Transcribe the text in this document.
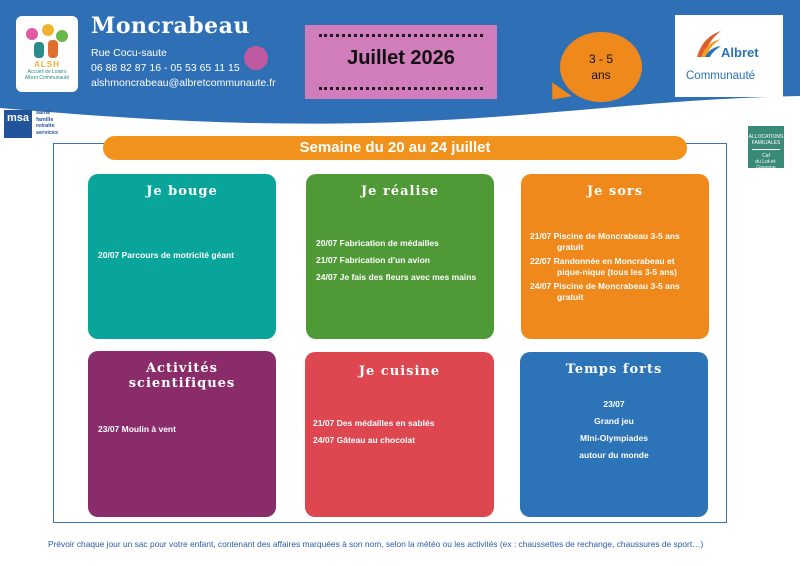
ALSH
Accueil de Loisirs
Albret Communauté
Moncrabeau
Rue Cocu-saute
06 88 82 87 16 - 05 53 65 11 15
alshmoncrabeau@albretcommunaute.fr
Juillet 2026	3 - 5
ans
Albret
Communauté
msa	santé
famille
retraite
services
ALLOCATIONS
FAMILIALES
Caf
du Lot-et-Garonne
Semaine du 20 au 24 juillet
Je bouge
20/07 Parcours de motricité géant
Je réalise
20/07 Fabrication de médailles
21/07 Fabrication d'un avion
24/07 Je fais des fleurs avec mes mains
Je sors
21/07 Piscine de Moncrabeau 3-5 ans gratuit
22/07 Randonnée en Moncrabeau et pique-nique (tous les 3-5 ans)
24/07 Piscine de Moncrabeau 3-5 ans gratuit
Activités
scientifiques
23/07 Moulin à vent
Je cuisine
21/07 Des médailles en sablés
24/07 Gâteau au chocolat
Temps forts
23/07
Grand jeu
MIni-Olympiades
autour du monde
Prévoir chaque jour un sac pour votre enfant, contenant des affaires marquées à son nom, selon la météo ou les activités (ex : chaussettes de rechange, chaussures de sport…)
